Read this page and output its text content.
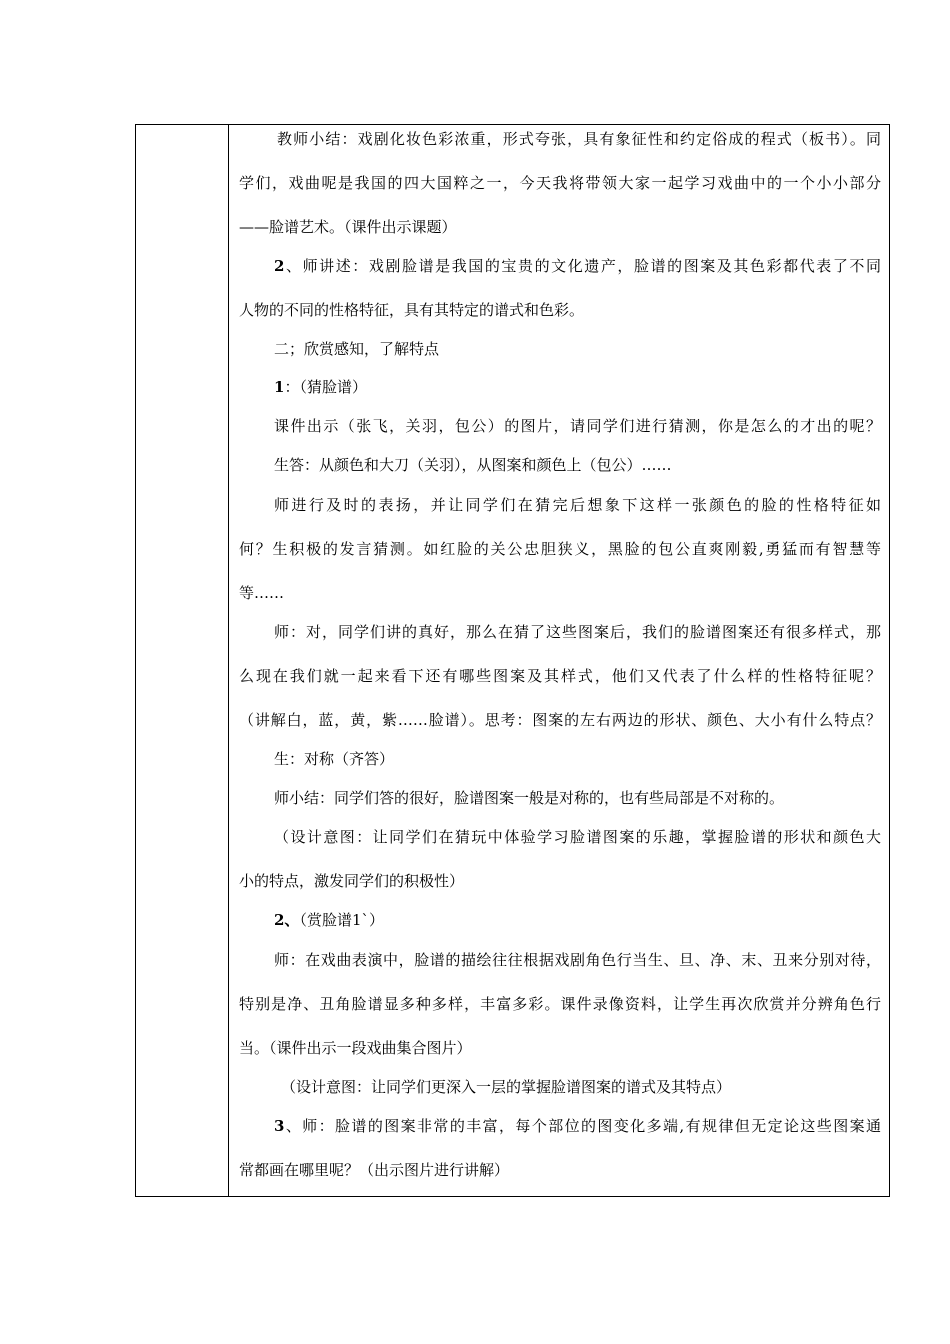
教师小结：戏剧化妆色彩浓重，形式夸张，具有象征性和约定俗成的程式（板书）。同
学们，戏曲呢是我国的四大国粹之一，今天我将带领大家一起学习戏曲中的一个小小部分
——脸谱艺术。（课件出示课题）
2、师讲述：戏剧脸谱是我国的宝贵的文化遗产，脸谱的图案及其色彩都代表了不同
人物的不同的性格特征，具有其特定的谱式和色彩。
二；欣赏感知，了解特点
1：（猜脸谱）
课件出示（张飞，关羽，包公）的图片，请同学们进行猜测，你是怎么的才出的呢？
生答：从颜色和大刀（关羽），从图案和颜色上（包公）……
师进行及时的表扬，并让同学们在猜完后想象下这样一张颜色的脸的性格特征如
何？生积极的发言猜测。如红脸的关公忠胆狭义，黑脸的包公直爽刚毅,勇猛而有智慧等
等……
师：对，同学们讲的真好，那么在猜了这些图案后，我们的脸谱图案还有很多样式，那
么现在我们就一起来看下还有哪些图案及其样式，他们又代表了什么样的性格特征呢？
（讲解白，蓝，黄，紫……脸谱）。思考：图案的左右两边的形状、颜色、大小有什么特点？
生：对称（齐答）
师小结：同学们答的很好，脸谱图案一般是对称的，也有些局部是不对称的。
（设计意图：让同学们在猜玩中体验学习脸谱图案的乐趣，掌握脸谱的形状和颜色大
小的特点，激发同学们的积极性）
2、（赏脸谱1`）
师：在戏曲表演中，脸谱的描绘往往根据戏剧角色行当生、旦、净、末、丑来分别对待，
特别是净、丑角脸谱显多种多样，丰富多彩。课件录像资料，让学生再次欣赏并分辨角色行
当。（课件出示一段戏曲集合图片）
（设计意图：让同学们更深入一层的掌握脸谱图案的谱式及其特点）
3、师：脸谱的图案非常的丰富，每个部位的图变化多端,有规律但无定论这些图案通
常都画在哪里呢？（出示图片进行讲解）
